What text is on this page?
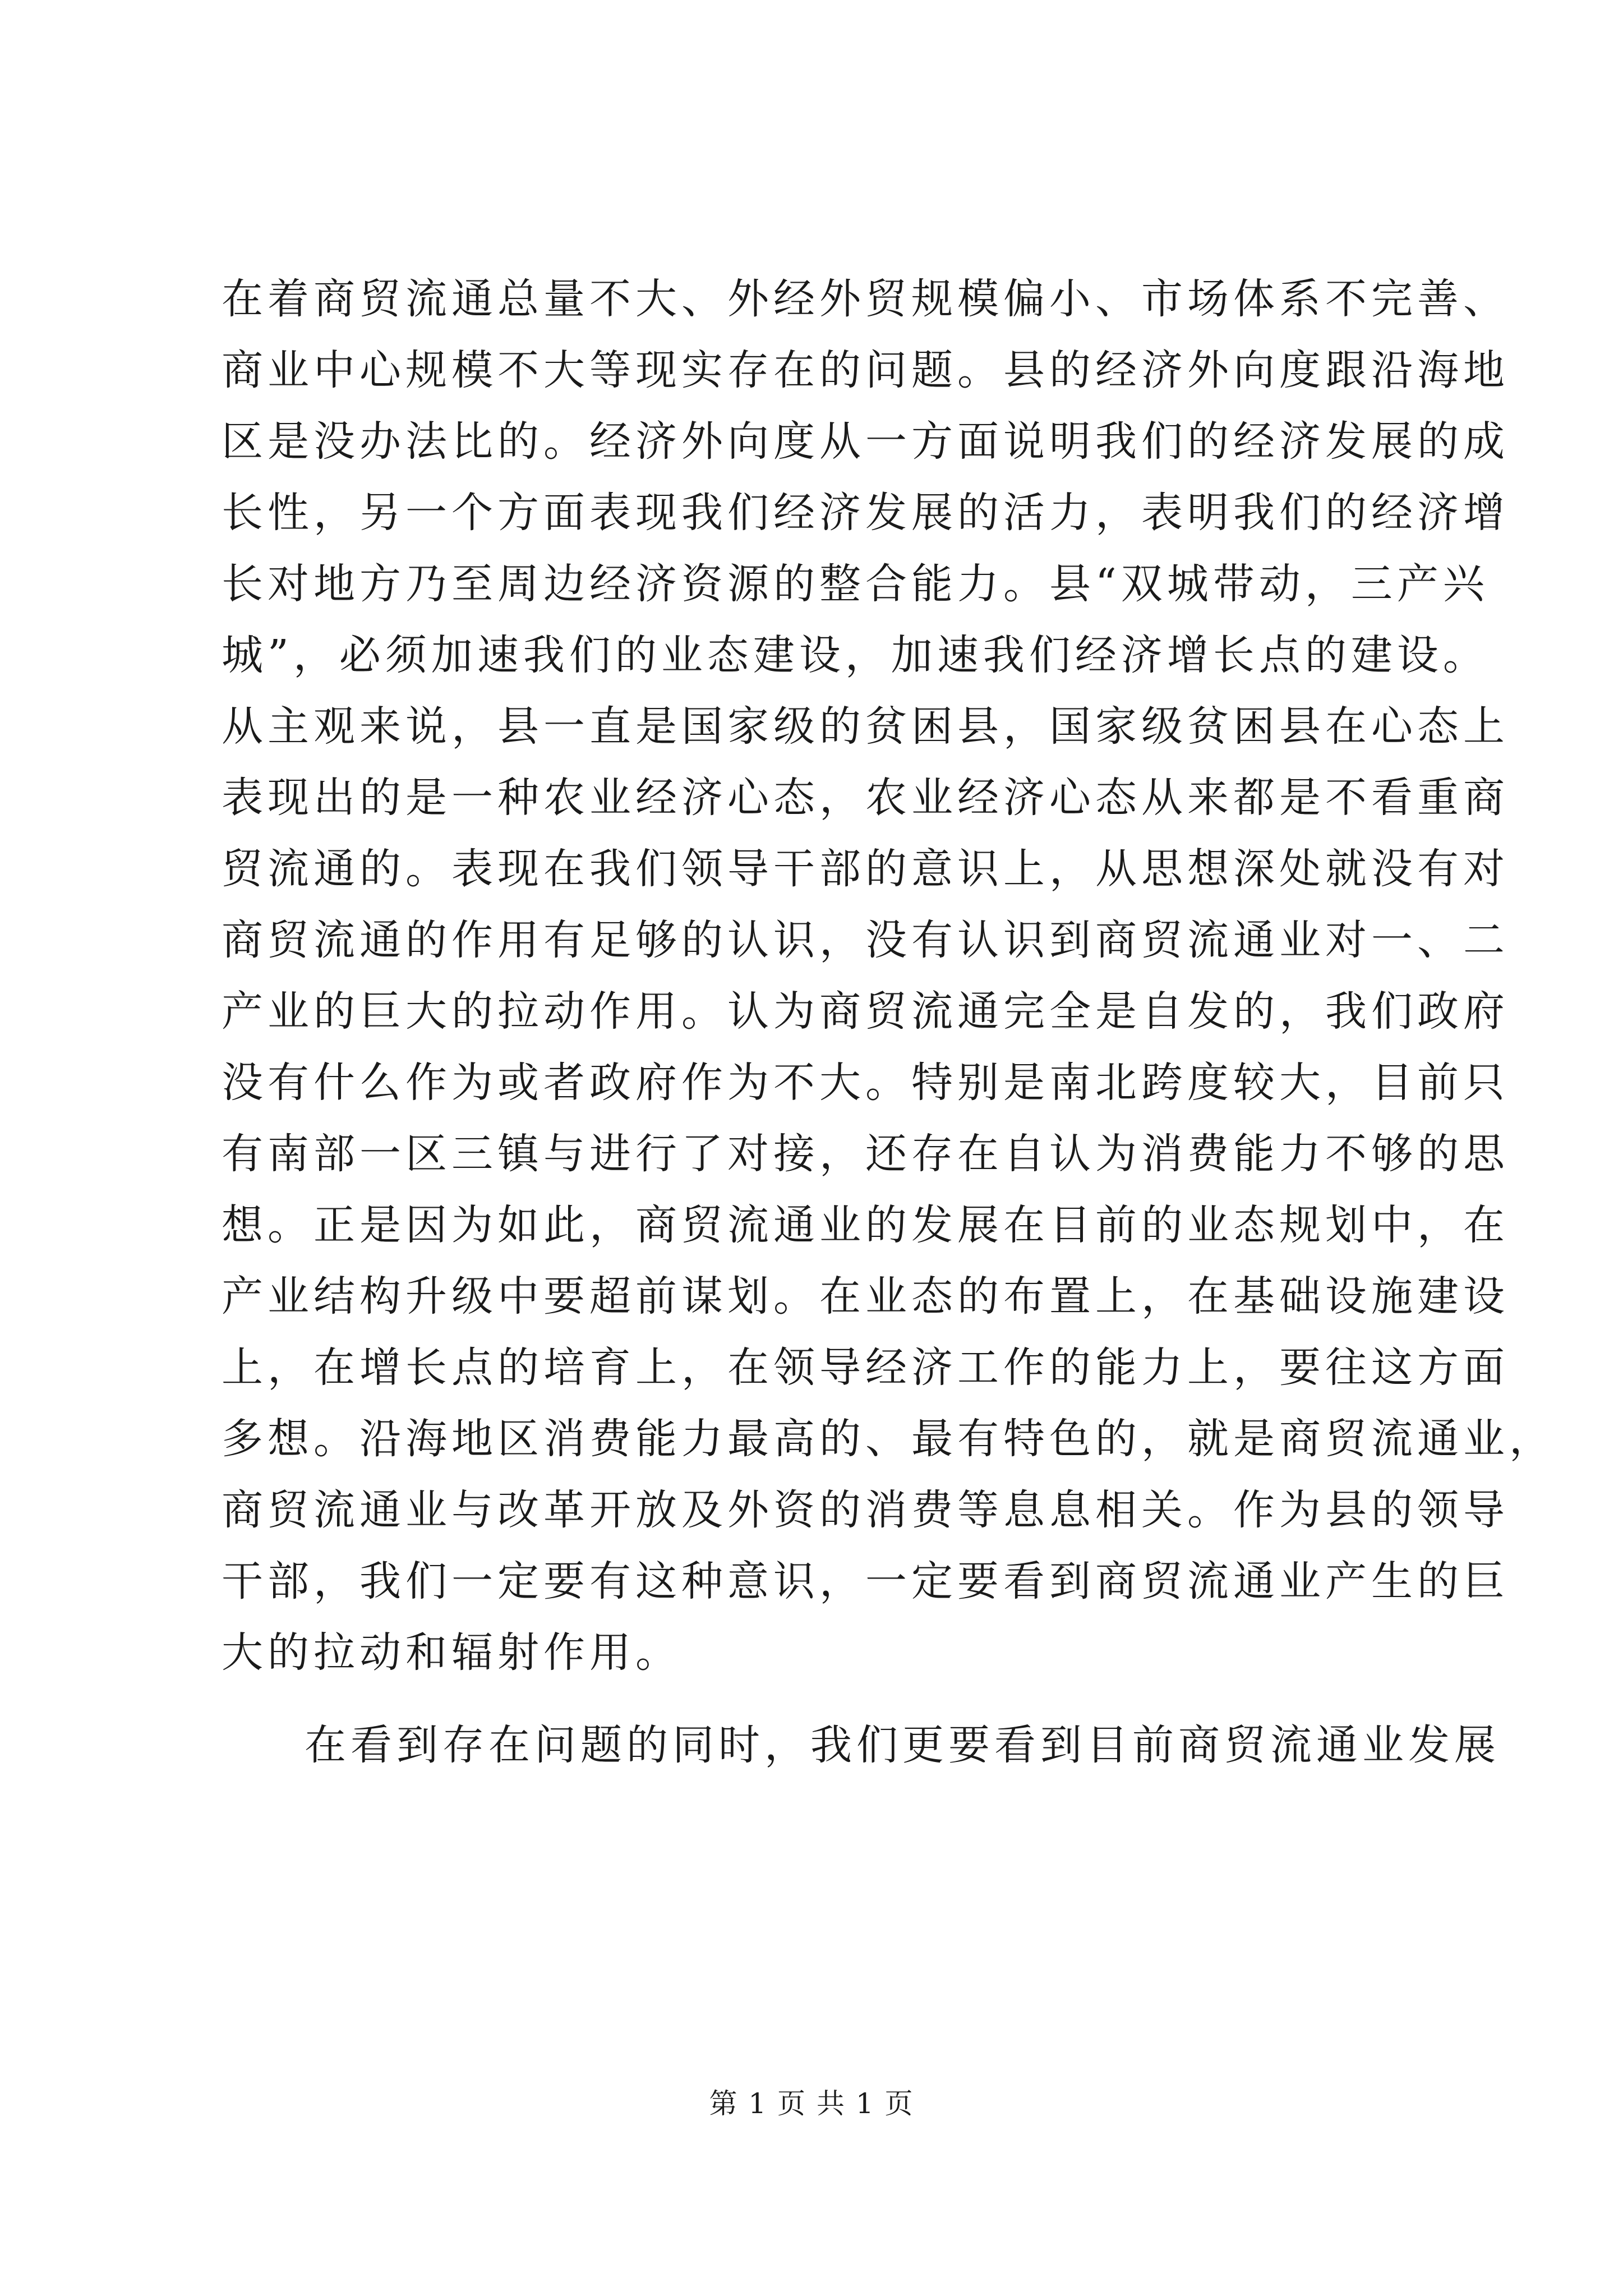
在着商贸流通总量不大、外经外贸规模偏小、市场体系不完善、
商业中心规模不大等现实存在的问题。县的经济外向度跟沿海地
区是没办法比的。经济外向度从一方面说明我们的经济发展的成
长性，另一个方面表现我们经济发展的活力，表明我们的经济增
长对地方乃至周边经济资源的整合能力。县“双城带动，三产兴
城”，必须加速我们的业态建设，加速我们经济增长点的建设。
从主观来说，县一直是国家级的贫困县，国家级贫困县在心态上
表现出的是一种农业经济心态，农业经济心态从来都是不看重商
贸流通的。表现在我们领导干部的意识上，从思想深处就没有对
商贸流通的作用有足够的认识，没有认识到商贸流通业对一、二
产业的巨大的拉动作用。认为商贸流通完全是自发的，我们政府
没有什么作为或者政府作为不大。特别是南北跨度较大，目前只
有南部一区三镇与进行了对接，还存在自认为消费能力不够的思
想。正是因为如此，商贸流通业的发展在目前的业态规划中，在
产业结构升级中要超前谋划。在业态的布置上，在基础设施建设
上，在增长点的培育上，在领导经济工作的能力上，要往这方面
多想。沿海地区消费能力最高的、最有特色的，就是商贸流通业，
商贸流通业与改革开放及外资的消费等息息相关。作为县的领导
干部，我们一定要有这种意识，一定要看到商贸流通业产生的巨
大的拉动和辐射作用。
在看到存在问题的同时，我们更要看到目前商贸流通业发展
第 1 页 共 1 页
